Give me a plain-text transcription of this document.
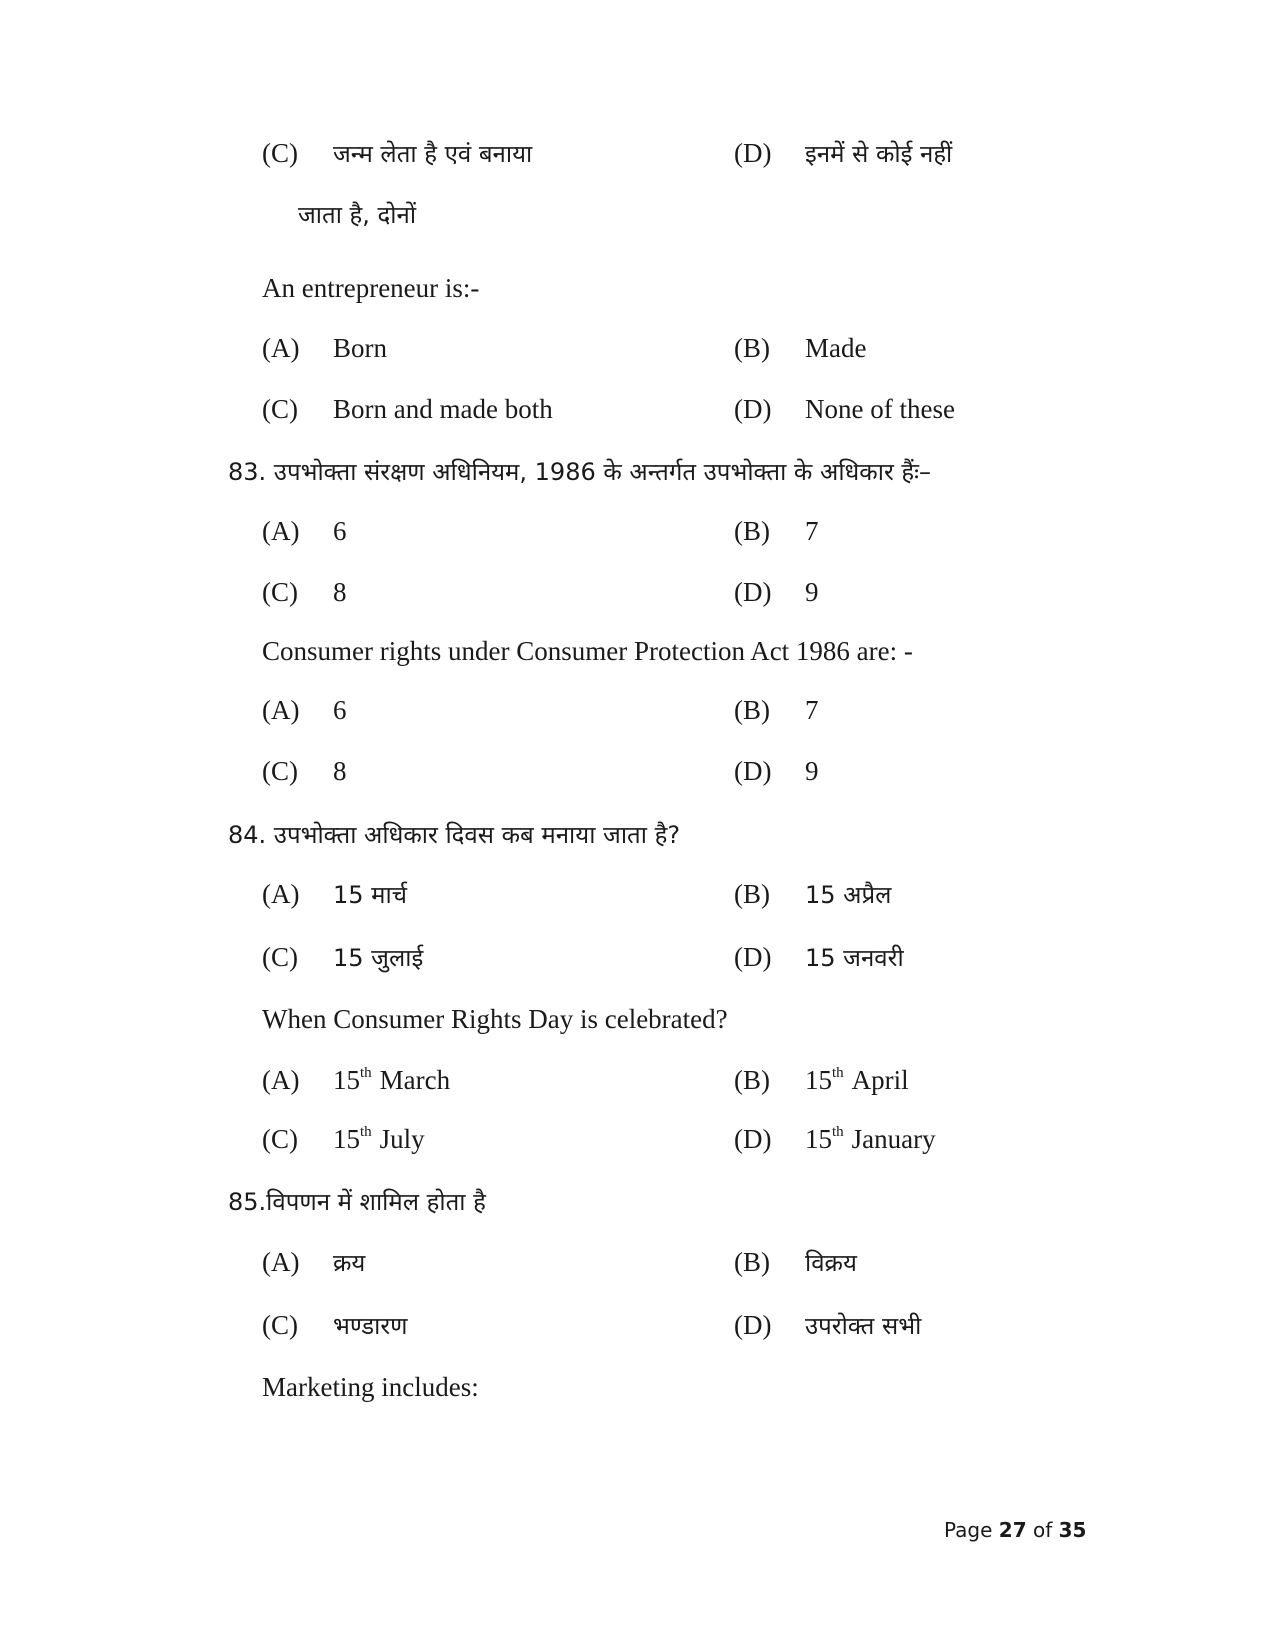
(C) जन्म लेता है एवं बनाया	(D) इनमें से कोई नहीं
जाता है, दोनों
An entrepreneur is:-
(A) Born	(B) Made
(C) Born and made both	(D) None of these
83. उपभोक्ता संरक्षण अधिनियम, 1986 के अन्तर्गत उपभोक्ता के अधिकार हैंः–
(A) 6	(B) 7
(C) 8	(D) 9
Consumer rights under Consumer Protection Act 1986 are: -
(A) 6	(B) 7
(C) 8	(D) 9
84. उपभोक्ता अधिकार दिवस कब मनाया जाता है?
(A) 15 मार्च	(B) 15 अप्रैल
(C) 15 जुलाई	(D) 15 जनवरी
When Consumer Rights Day is celebrated?
(A) 15th March	(B) 15th April
(C) 15th July	(D) 15th January
85.विपणन में शामिल होता है
(A) क्रय	(B) विक्रय
(C) भण्डारण	(D) उपरोक्त सभी
Marketing includes:
Page 27 of 35
